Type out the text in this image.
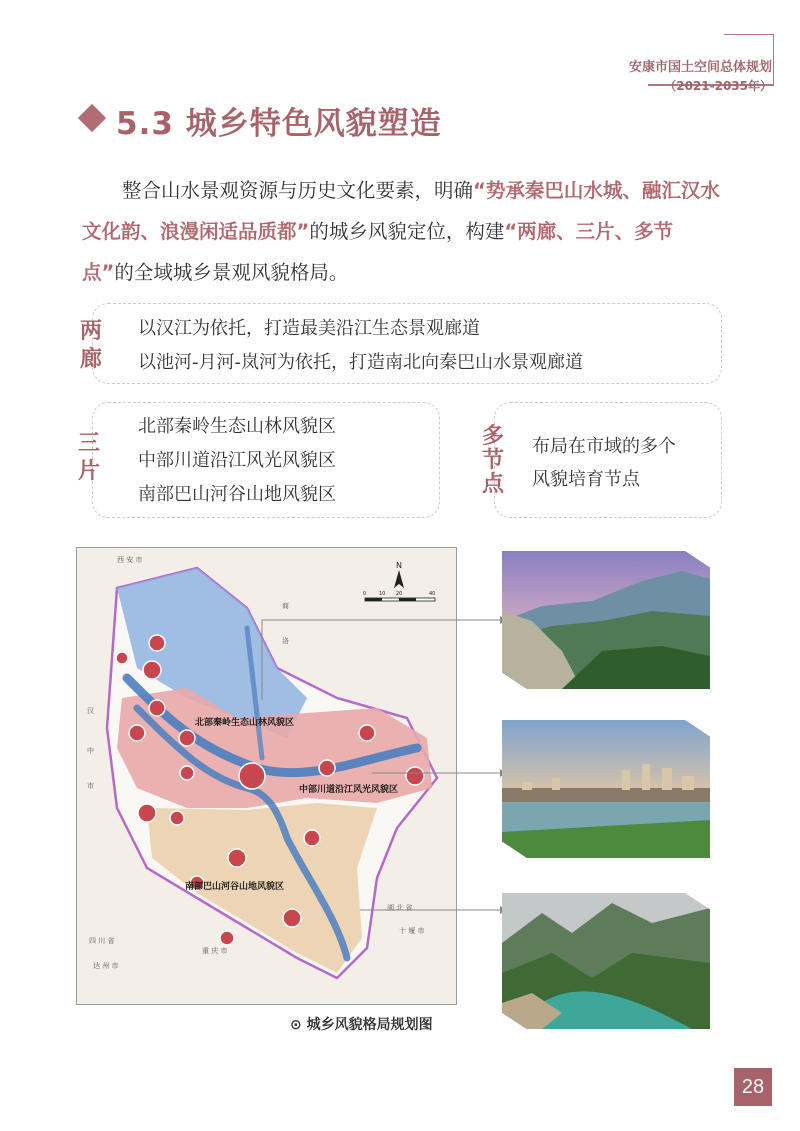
安康市国土空间总体规划
（2021-2035年）
5.3 城乡特色风貌塑造

整合山水景观资源与历史文化要素，明确“势承秦巴山水城、融汇汉水文化韵、浪漫闲适品质都”的城乡风貌定位，构建“两廊、三片、多节点”的全域城乡景观风貌格局。

两廊
以汉江为依托，打造最美沿江生态景观廊道
以池河-月河-岚河为依托，打造南北向秦巴山水景观廊道
三片
北部秦岭生态山林风貌区
中部川道沿江风光风貌区
南部巴山河谷山地风貌区
多节点
布局在市域的多个
风貌培育节点
北部秦岭生态山林风貌区
中部川道沿江风光风貌区
南部巴山河谷山地风貌区
西 安 市
商
洛
湖 北 省
十 堰 市
四 川 省
达 州 市
重 庆 市
汉
中
市
N
0	10 20	40
⊙ 城乡风貌格局规划图
28
